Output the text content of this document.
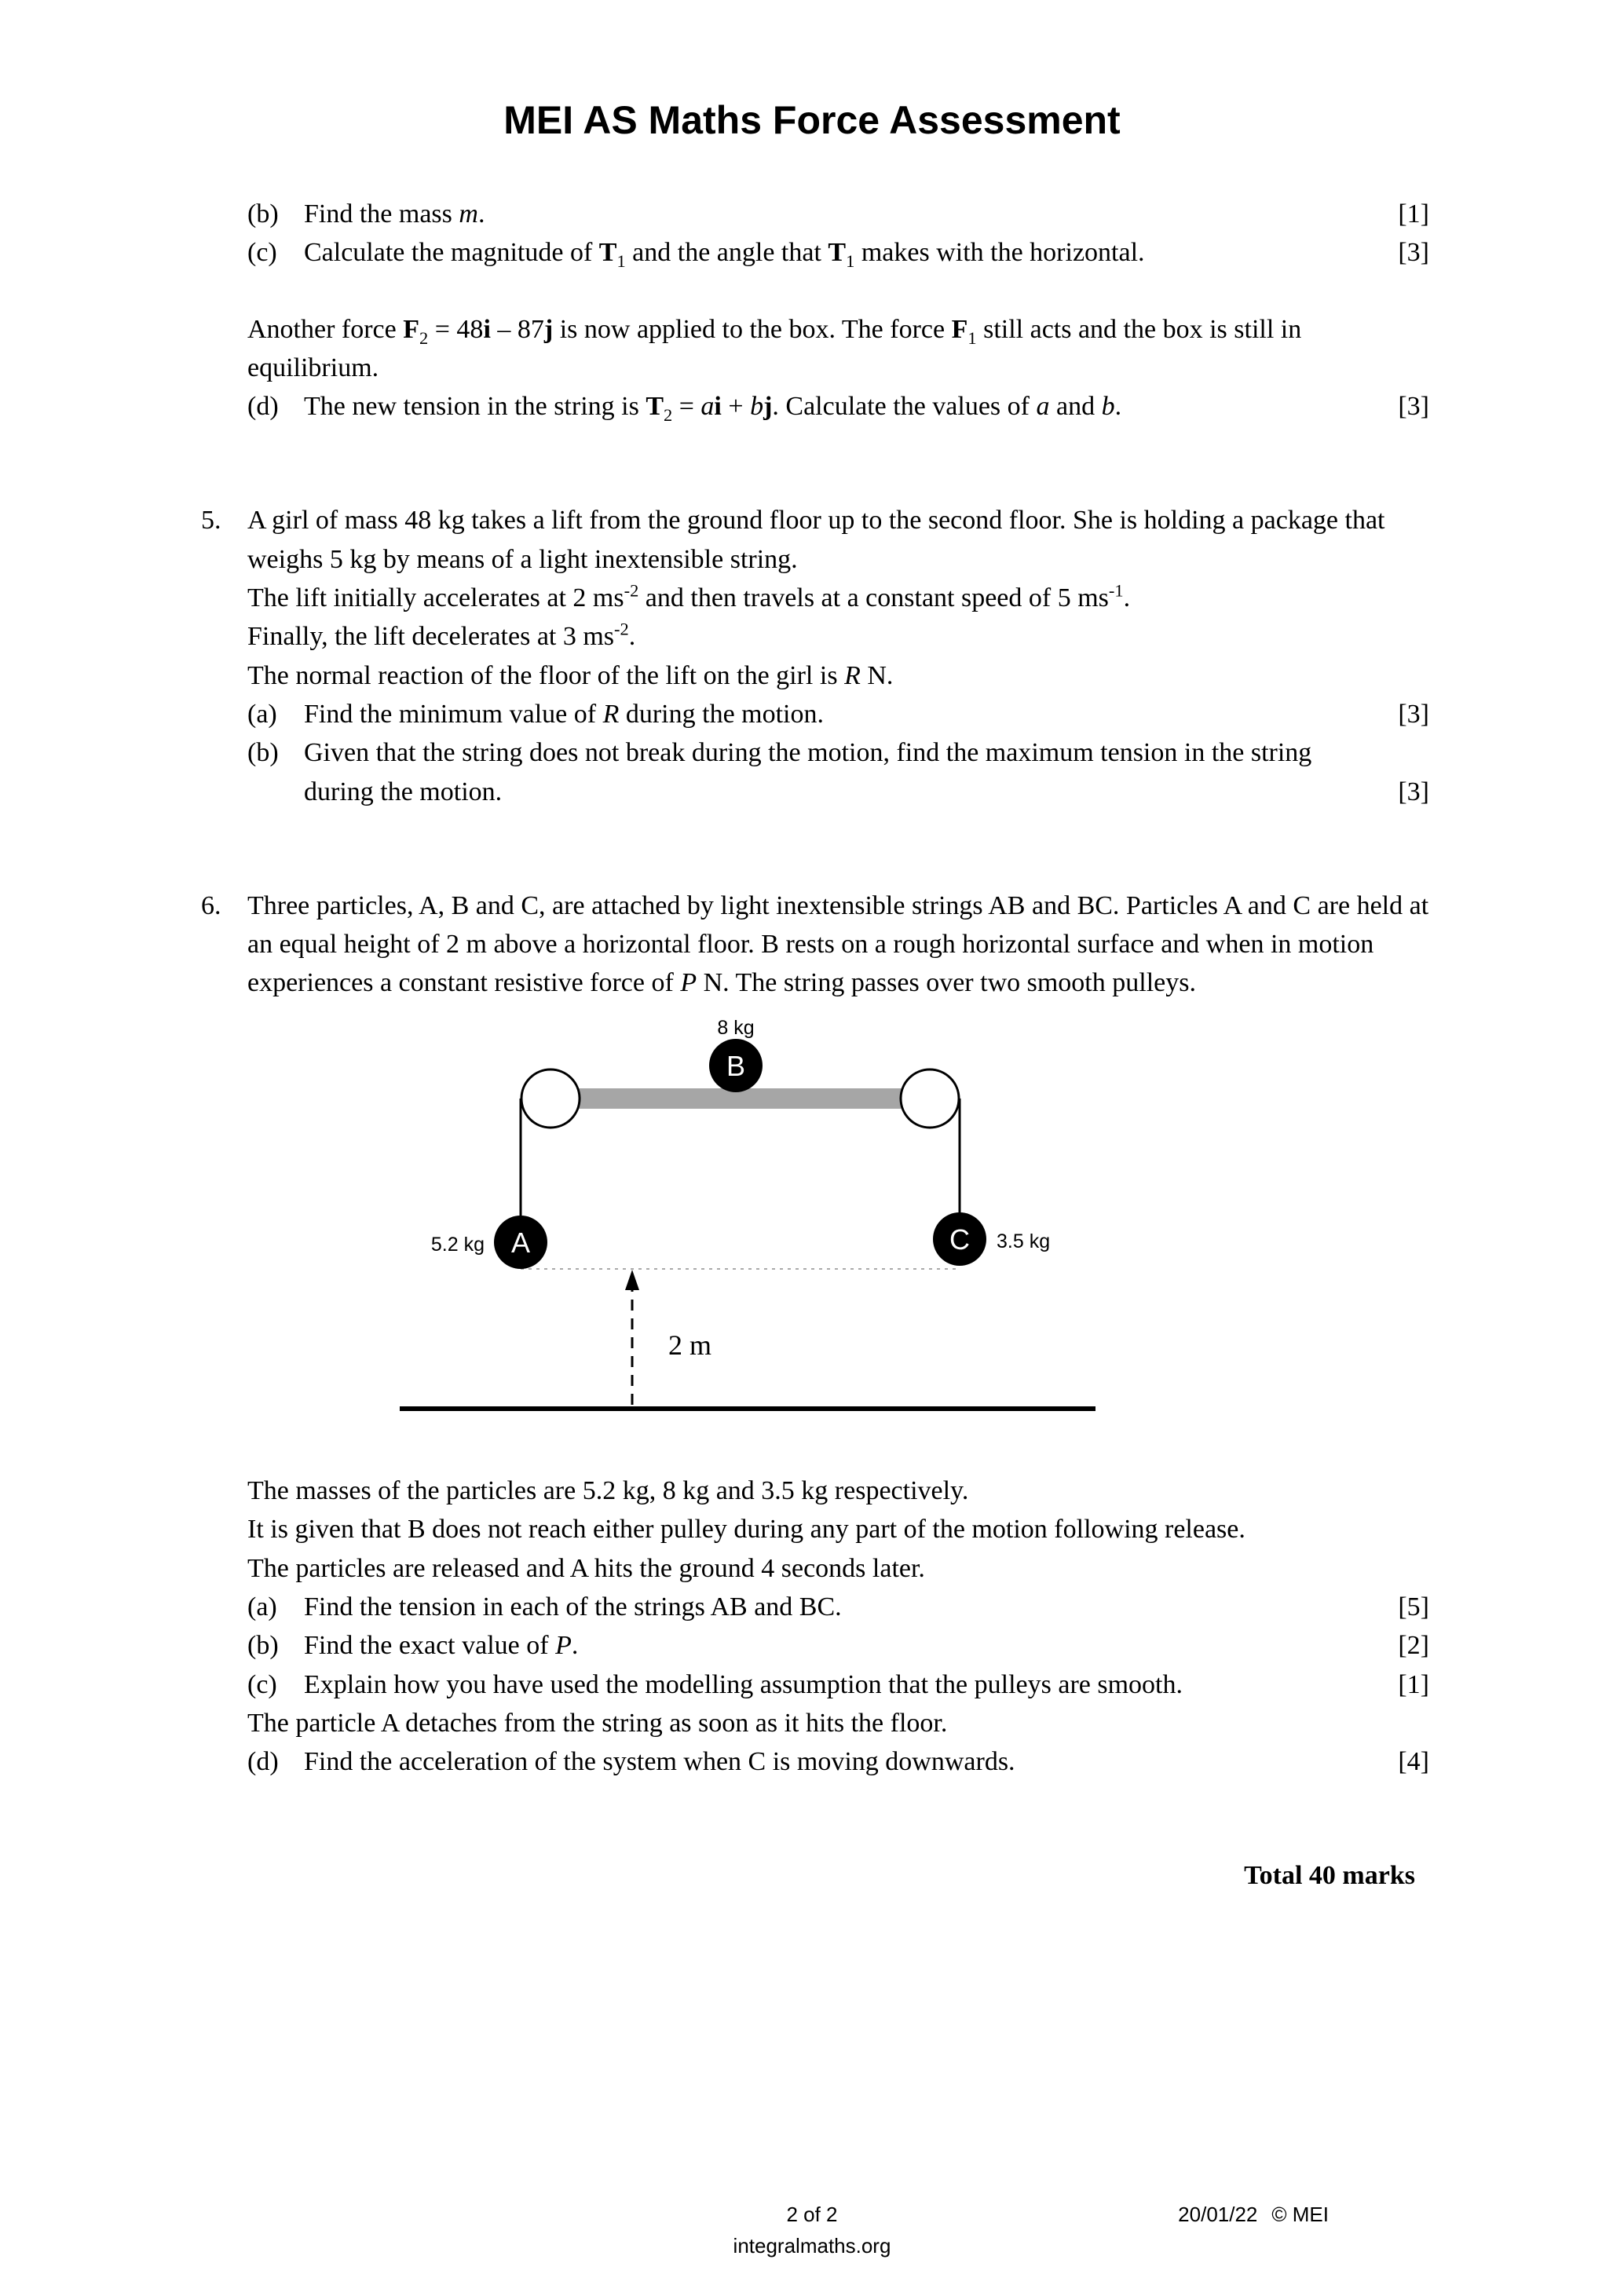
MEI AS Maths Force Assessment
(b) Find the mass m.	[1]
(c)	Calculate the magnitude of $T_1$ and the angle that $T_1$ makes with the horizontal.	[3]

Another force $F_2 = 48i - 87j$ is now applied to the box. The force $F_1$ still acts and the box is still in equilibrium.

(d) The new tension in the string is $T_2$ = ai + bj. Calculate the values of a and b.	[3]
5. A girl of mass 48 kg takes a lift from the ground floor up to the second floor. She is holding a package that weighs 5 kg by means of a light inextensible string.

The lift initially accelerates at 2 $ms^{-2}$ and then travels at a constant speed of 5 $ms^{-1}$.

Finally, the lift decelerates at 3 $ms^{-2}$.

The normal reaction of the floor of the lift on the girl is R N.

(a)	Find the minimum value of R during the motion.	[3]
(b) Given that the string does not break during the motion, find the maximum tension in the string during the motion.	[3]
6. Three particles, A, B and C, are attached by light inextensible strings AB and BC. Particles A and C are held at an equal height of 2 m above a horizontal floor. B rests on a rough horizontal surface and when in motion experiences a constant resistive force of P N. The string passes over two smooth pulleys.

2 m
B
8 kg
A
5.2 kg	C 3.5 kg

The masses of the particles are 5.2 kg, 8 kg and 3.5 kg respectively.

It is given that B does not reach either pulley during any part of the motion following release.

The particles are released and A hits the ground 4 seconds later.

(a)	Find the tension in each of the strings AB and BC.	[5]
(b) Find the exact value of P.	[2]
(c)	Explain how you have used the modelling assumption that the pulleys are smooth.	[1]

The particle A detaches from the string as soon as it hits the floor.

(d) Find the acceleration of the system when C is moving downwards.	[4]

Total 40 marks

2 of 2
integralmaths.org
20/01/22 © MEI
